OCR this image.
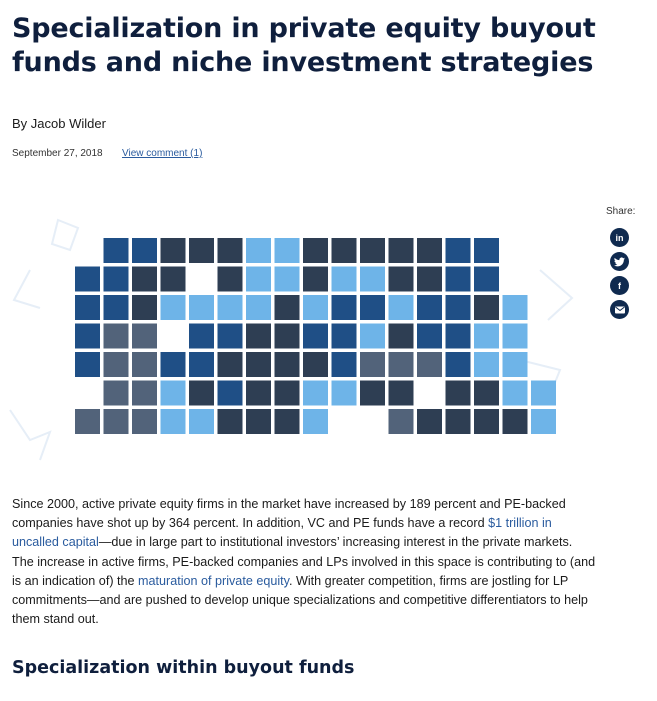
Specialization in private equity buyout funds and niche investment strategies
By Jacob Wilder
September 27, 2018 View comment (1)
Share:
in
f

Since 2000, active private equity firms in the market have increased by 189 percent and PE-backed companies have shot up by 364 percent. In addition, VC and PE funds have a record $1 trillion in uncalled capital—due in large part to institutional investors’ increasing interest in the private markets. The increase in active firms, PE-backed companies and LPs involved in this space is contributing to (and is an indication of) the maturation of private equity. With greater competition, firms are jostling for LP commitments—and are pushed to develop unique specializations and competitive differentiators to help them stand out.

Specialization within buyout funds
